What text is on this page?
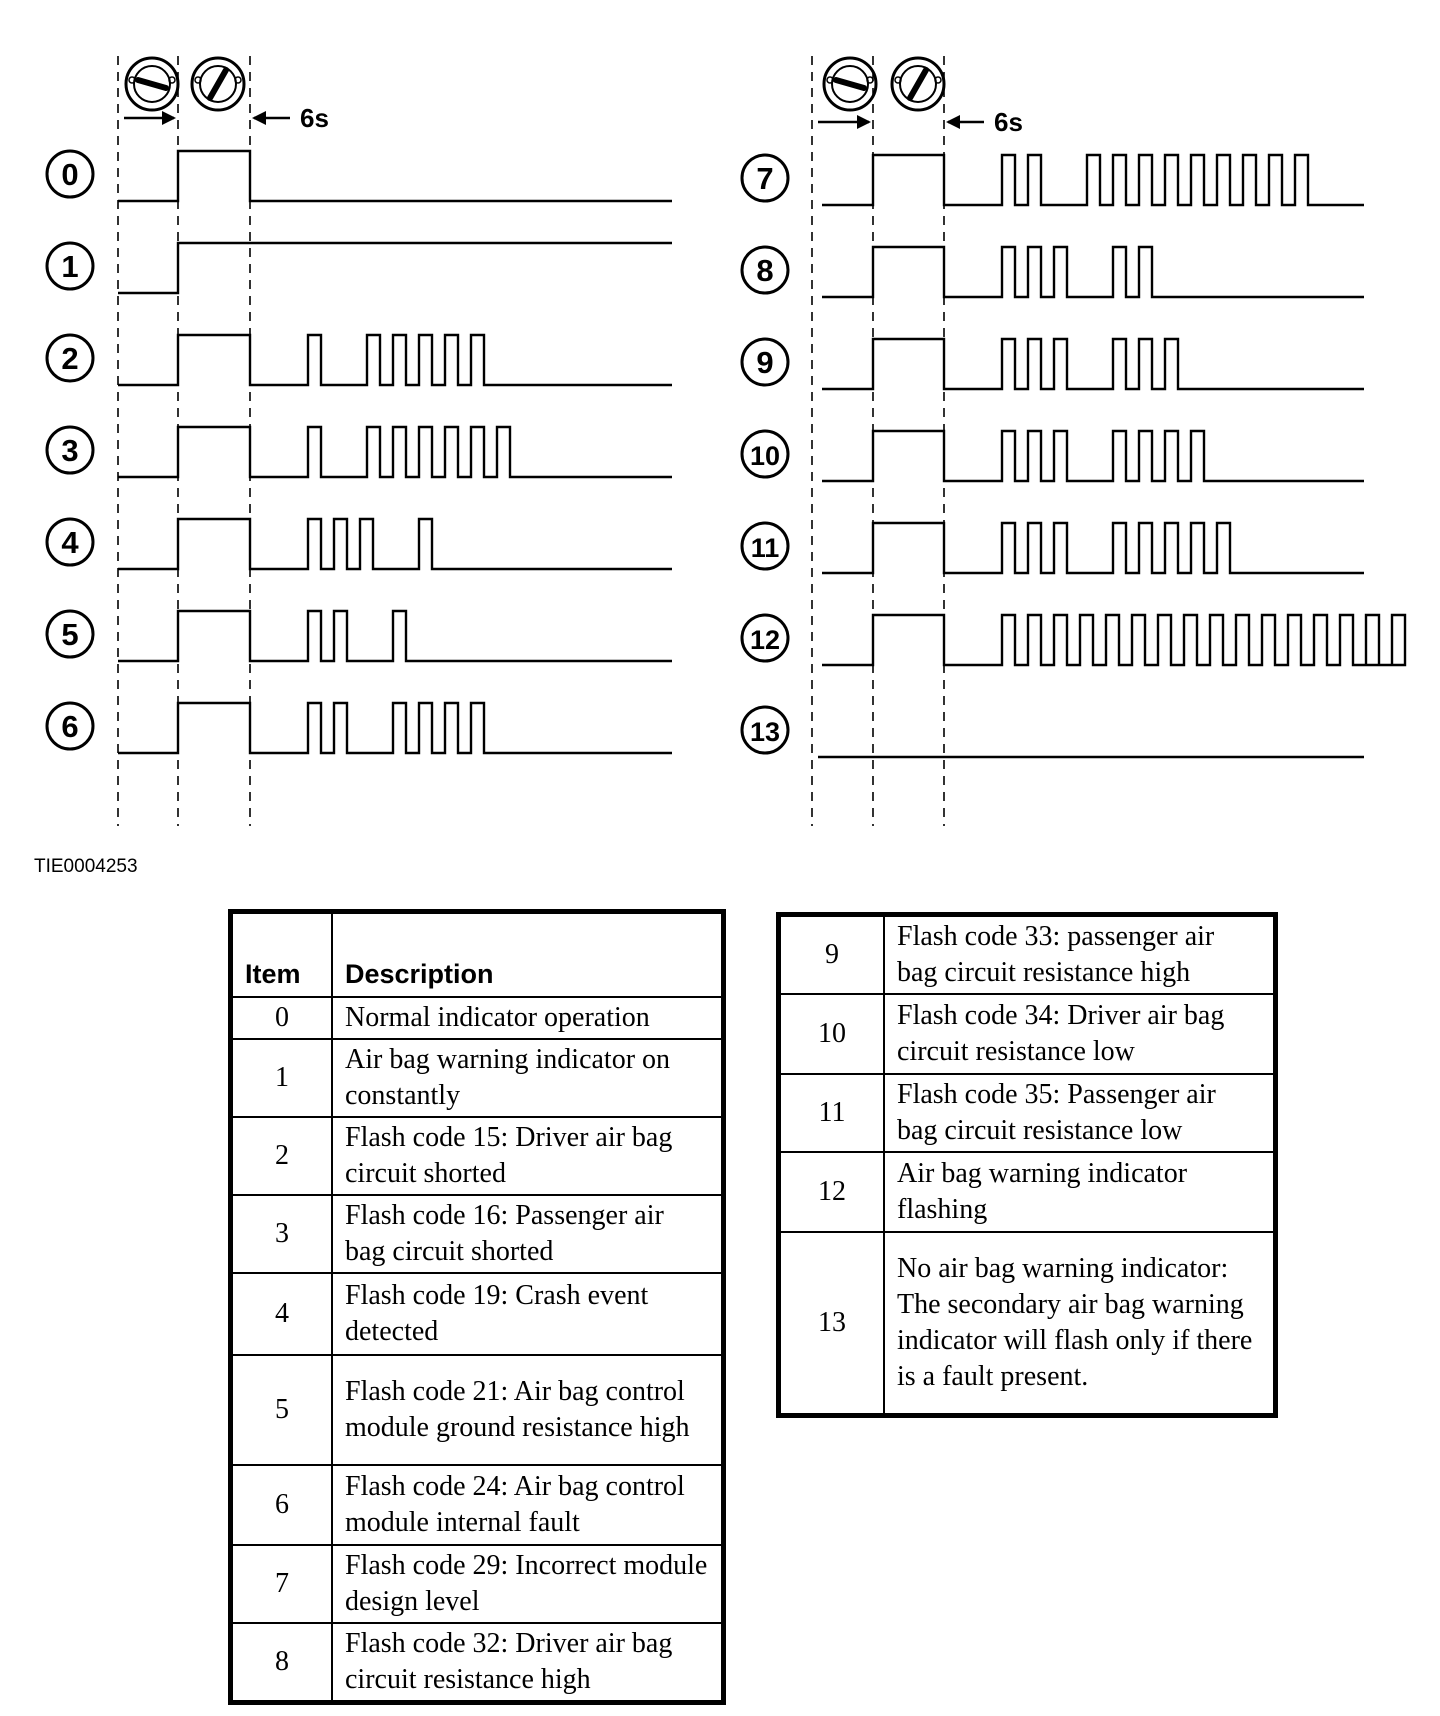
6s	6s
0
1
2
3
4
5
6
7
8
9
10
11
12
13
TIE0004253
Item	Description
0	Normal indicator operation
1	Air bag warning indicator on constantly
2	Flash code 15: Driver air bag circuit shorted
3	Flash code 16: Passenger air bag circuit shorted
4	Flash code 19: Crash event detected
5	Flash code 21: Air bag control module ground resistance high
6	Flash code 24: Air bag control module internal fault
7	Flash code 29: Incorrect module design level
8	Flash code 32: Driver air bag circuit resistance high
9	Flash code 33: passenger air bag circuit resistance high
10	Flash code 34: Driver air bag circuit resistance low
11	Flash code 35: Passenger air bag circuit resistance low
12	Air bag warning indicator flashing
13	No air bag warning indicator: The secondary air bag warning indicator will flash only if there is a fault present.
